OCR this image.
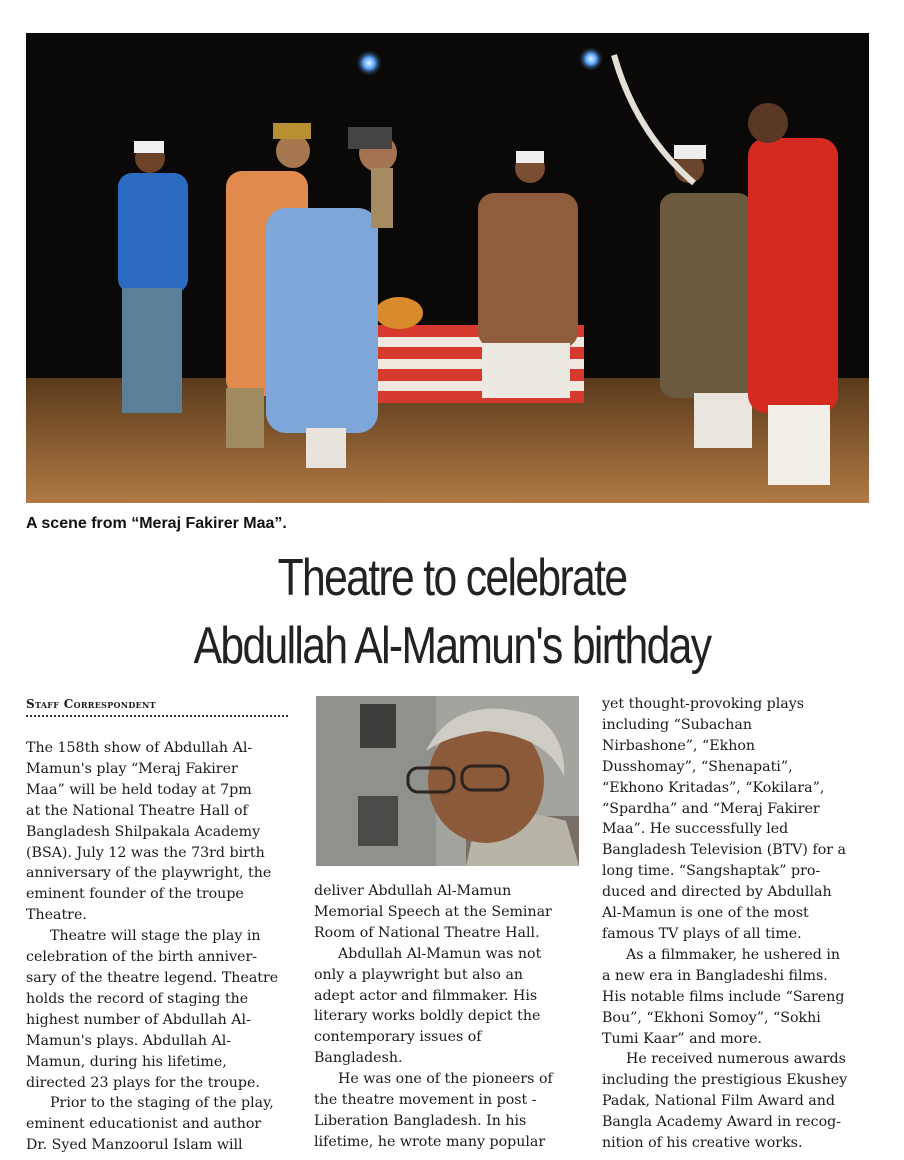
A scene from “Meraj Fakirer Maa”.
Theatre to celebrate
Abdullah Al-Mamun's birthday
Staff Correspondent

The 158th show of Abdullah Al-

Mamun's play “Meraj Fakirer

Maa” will be held today at 7pm

at the National Theatre Hall of

Bangladesh Shilpakala Academy

(BSA). July 12 was the 73rd birth

anniversary of the playwright, the

eminent founder of the troupe

Theatre.

Theatre will stage the play in

celebration of the birth anniver-

sary of the theatre legend. Theatre

holds the record of staging the

highest number of Abdullah Al-

Mamun's plays. Abdullah Al-

Mamun, during his lifetime,

directed 23 plays for the troupe.

Prior to the staging of the play,

eminent educationist and author

Dr. Syed Manzoorul Islam will

deliver Abdullah Al-Mamun

Memorial Speech at the Seminar

Room of National Theatre Hall.

Abdullah Al-Mamun was not

only a playwright but also an

adept actor and filmmaker. His

literary works boldly depict the

contemporary issues of

Bangladesh.

He was one of the pioneers of

the theatre movement in post -

Liberation Bangladesh. In his

lifetime, he wrote many popular

yet thought-provoking plays

including “Subachan

Nirbashone”, “Ekhon

Dusshomay”, “Shenapati”,

“Ekhono Kritadas”, “Kokilara”,

“Spardha” and “Meraj Fakirer

Maa”. He successfully led

Bangladesh Television (BTV) for a

long time. “Sangshaptak” pro-

duced and directed by Abdullah

Al-Mamun is one of the most

famous TV plays of all time.

As a filmmaker, he ushered in

a new era in Bangladeshi films.

His notable films include “Sareng

Bou”, “Ekhoni Somoy”, “Sokhi

Tumi Kaar” and more.

He received numerous awards

including the prestigious Ekushey

Padak, National Film Award and

Bangla Academy Award in recog-

nition of his creative works.
